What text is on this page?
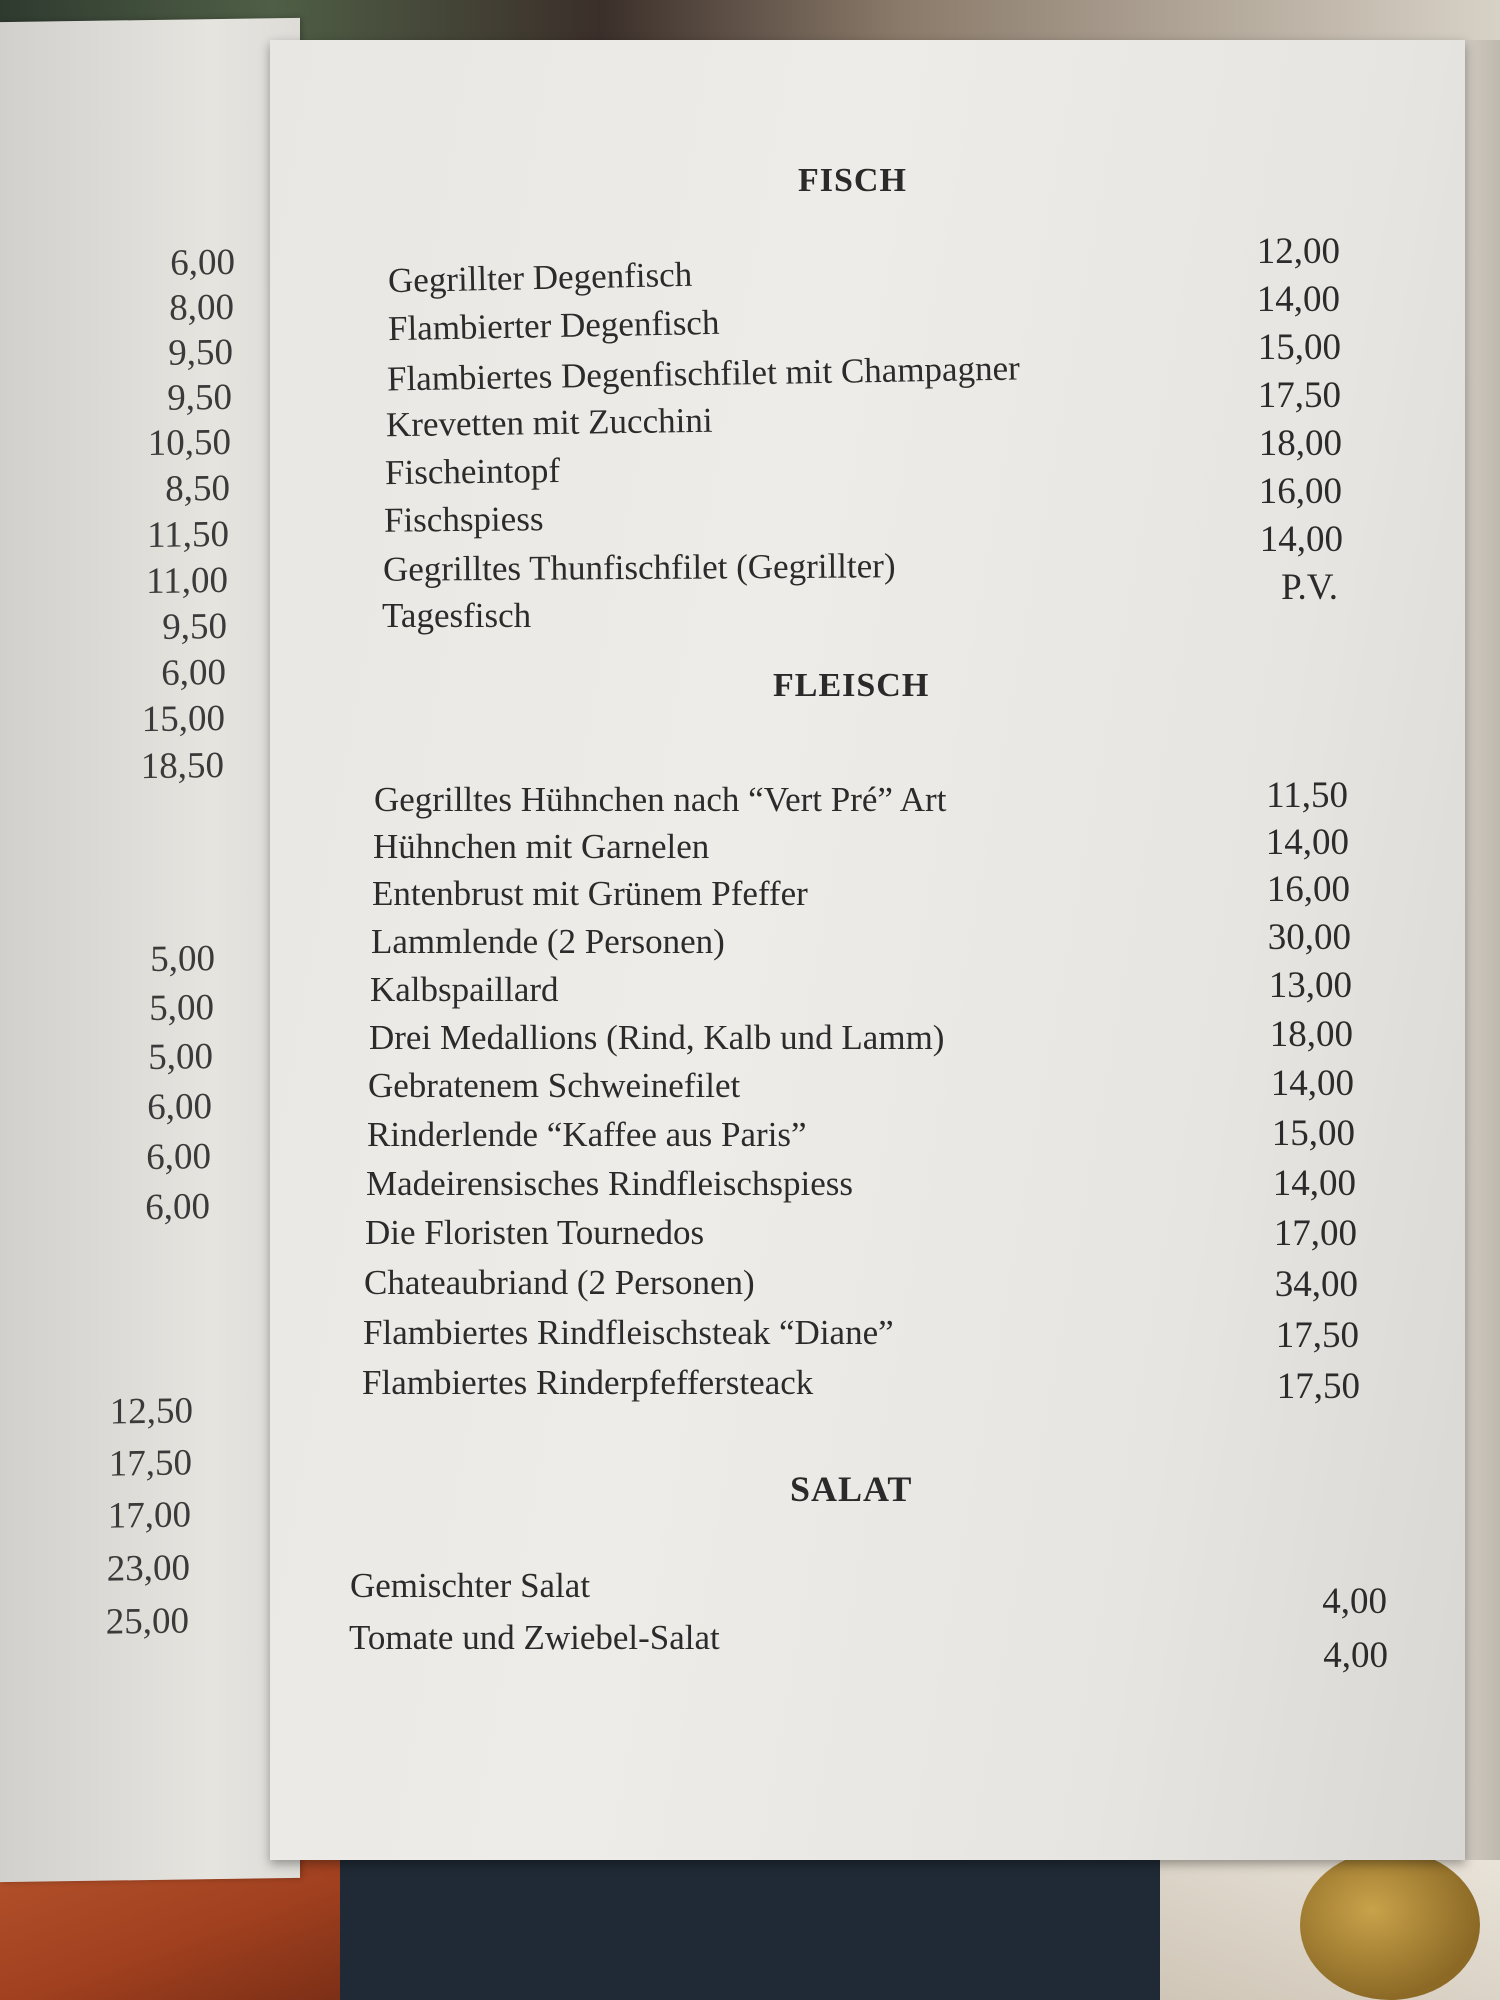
6,00
8,00
9,50
9,50
10,50
8,50
11,50
11,00
9,50
6,00
15,00
18,50
5,00
5,00
5,00
6,00
6,00
6,00
12,50
17,50
17,00
23,00
25,00
FISCH
Gegrillter Degenfisch
Flambierter Degenfisch
Flambiertes Degenfischfilet mit Champagner
Krevetten mit Zucchini
Fischeintopf
Fischspiess
Gegrilltes Thunfischfilet (Gegrillter)
Tagesfisch
12,00
14,00
15,00
17,50
18,00
16,00
14,00
P.V.
FLEISCH
Gegrilltes Hühnchen nach “Vert Pré” Art
Hühnchen mit Garnelen
Entenbrust mit Grünem Pfeffer
Lammlende (2 Personen)
Kalbspaillard
Drei Medallions (Rind, Kalb und Lamm)
Gebratenem Schweinefilet
Rinderlende “Kaffee aus Paris”
Madeirensisches Rindfleischspiess
Die Floristen Tournedos
Chateaubriand (2 Personen)
Flambiertes Rindfleischsteak “Diane”
Flambiertes Rinderpfeffersteack
11,50
14,00
16,00
30,00
13,00
18,00
14,00
15,00
14,00
17,00
34,00
17,50
17,50
SALAT
Gemischter Salat
Tomate und Zwiebel-Salat
4,00
4,00
